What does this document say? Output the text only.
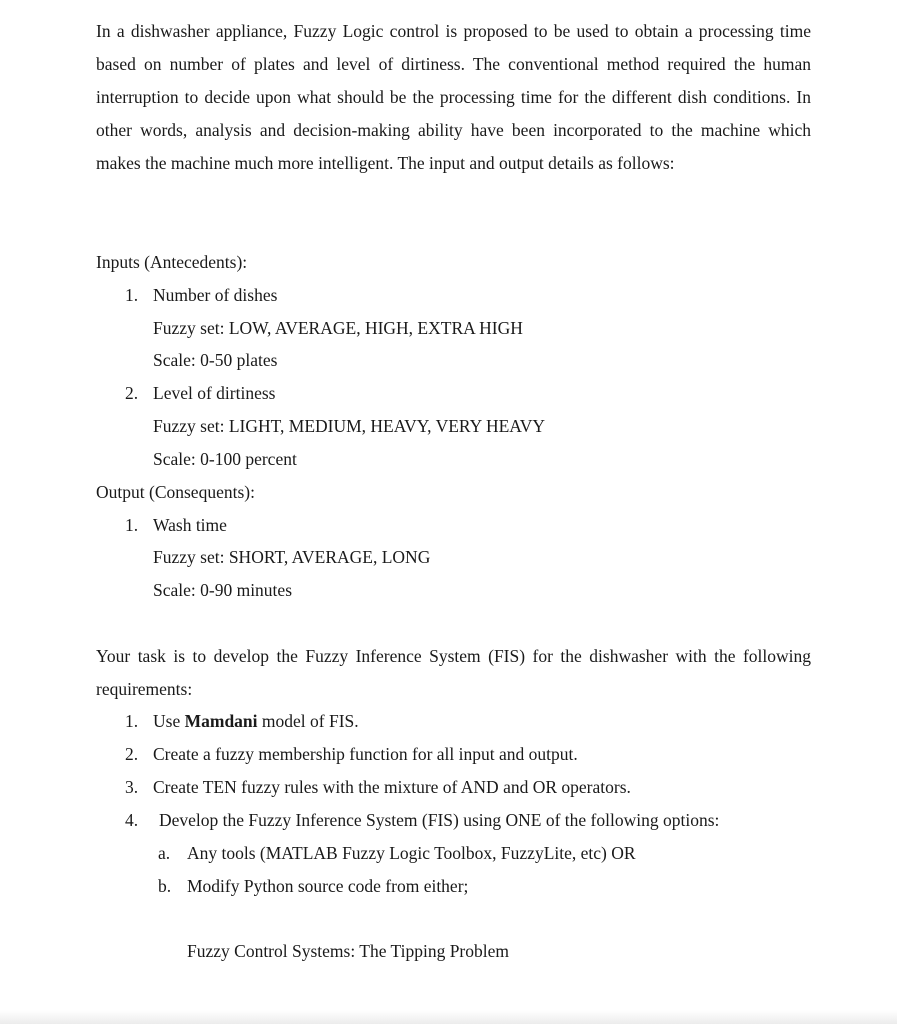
In a dishwasher appliance, Fuzzy Logic control is proposed to be used to obtain a processing time based on number of plates and level of dirtiness. The conventional method required the human interruption to decide upon what should be the processing time for the different dish conditions. In other words, analysis and decision-making ability have been incorporated to the machine which makes the machine much more intelligent. The input and output details as follows:

Inputs (Antecedents):
1. Number of dishes
Fuzzy set: LOW, AVERAGE, HIGH, EXTRA HIGH
Scale: 0-50 plates
2. Level of dirtiness
Fuzzy set: LIGHT, MEDIUM, HEAVY, VERY HEAVY
Scale: 0-100 percent
Output (Consequents):
1. Wash time
Fuzzy set: SHORT, AVERAGE, LONG
Scale: 0-90 minutes

Your task is to develop the Fuzzy Inference System (FIS) for the dishwasher with the following requirements:

1. Use Mamdani model of FIS.
2. Create a fuzzy membership function for all input and output.
3. Create TEN fuzzy rules with the mixture of AND and OR operators.
4. Develop the Fuzzy Inference System (FIS) using ONE of the following options:
a. Any tools (MATLAB Fuzzy Logic Toolbox, FuzzyLite, etc) OR
b. Modify Python source code from either;
Fuzzy Control Systems: The Tipping Problem
